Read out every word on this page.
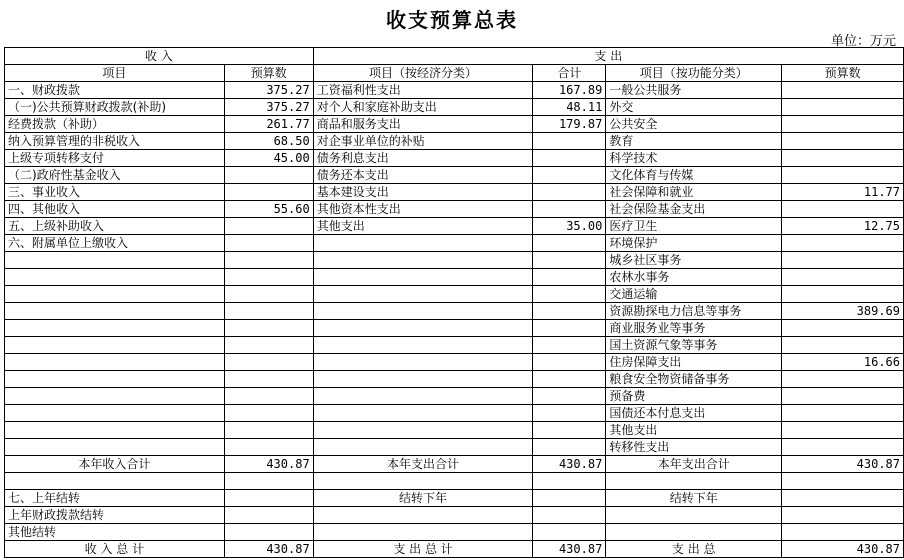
收支预算总表
单位：万元
收 入		支 出			
项目	预算数	项目（按经济分类）	合计	项目（按功能分类）	预算数
一、财政拨款	375.27	工资福利性支出	167.89	一般公共服务	
（一)公共预算财政拨款(补助)	375.27	对个人和家庭补助支出	48.11	外交	
经费拨款（补助）	261.77	商品和服务支出	179.87	公共安全	
纳入预算管理的非税收入	68.50	对企事业单位的补贴		教育	
上级专项转移支付	45.00	债务利息支出		科学技术	
（二)政府性基金收入		债务还本支出		文化体育与传媒	
三、事业收入		基本建设支出		社会保障和就业	11.77
四、其他收入	55.60	其他资本性支出		社会保险基金支出	
五、上级补助收入		其他支出	35.00	医疗卫生	12.75
六、附属单位上缴收入				环境保护	
				城乡社区事务	
				农林水事务	
				交通运输	
				资源勘探电力信息等事务	389.69
				商业服务业等事务	
				国土资源气象等事务	
				住房保障支出	16.66
				粮食安全物资储备事务	
				预备费	
				国债还本付息支出	
				其他支出	
				转移性支出	
本年收入合计	430.87	本年支出合计	430.87	本年支出合计	430.87

七、上年结转		结转下年		结转下年	
上年财政拨款结转					
其他结转					
收 入 总 计	430.87	支 出 总 计	430.87	支 出 总	430.87
